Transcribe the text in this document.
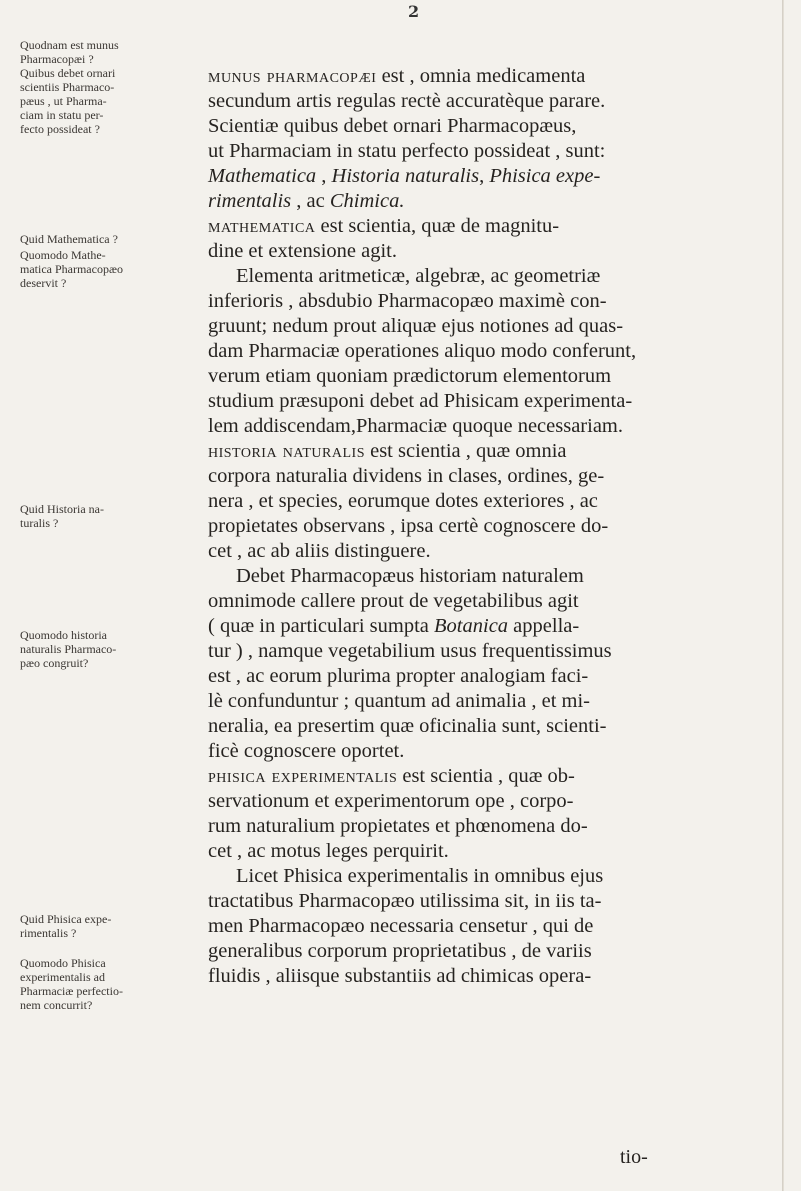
2
Quodnam est munus
Pharmacopæi ?
Quibus debet ornari
scientiis Pharmaco-
pæus , ut Pharma-
ciam in statu per-
fecto possideat ?
Quid Mathematica ?
Quomodo Mathe-
matica Pharmacopæo
deservit ?
Quid Historia na-
turalis ?
Quomodo historia
naturalis Pharmaco-
pæo congruit?
Quid Phisica expe-
rimentalis ?
Quomodo Phisica
experimentalis ad
Pharmaciæ perfectio-
nem concurrit?
munus pharmacopæi est , omnia medicamenta
secundum artis regulas rectè accuratèque parare.
Scientiæ quibus debet ornari Pharmacopæus,
ut Pharmaciam in statu perfecto possideat , sunt:
Mathematica , Historia naturalis, Phisica expe-
rimentalis , ac Chimica.
mathematica est scientia, quæ de magnitu-
dine et extensione agit.
Elementa aritmeticæ, algebræ, ac geometriæ
inferioris , absdubio Pharmacopæo maximè con-
gruunt; nedum prout aliquæ ejus notiones ad quas-
dam Pharmaciæ operationes aliquo modo conferunt,
verum etiam quoniam prædictorum elementorum
studium præsuponi debet ad Phisicam experimenta-
lem addiscendam,Pharmaciæ quoque necessariam.
historia naturalis est scientia , quæ omnia
corpora naturalia dividens in clases, ordines, ge-
nera , et species, eorumque dotes exteriores , ac
propietates observans , ipsa certè cognoscere do-
cet , ac ab aliis distinguere.
Debet Pharmacopæus historiam naturalem
omnimode callere prout de vegetabilibus agit
( quæ in particulari sumpta Botanica appella-
tur ) , namque vegetabilium usus frequentissimus
est , ac eorum plurima propter analogiam faci-
lè confunduntur ; quantum ad animalia , et mi-
neralia, ea presertim quæ oficinalia sunt, scienti-
ficè cognoscere oportet.
phisica experimentalis est scientia , quæ ob-
servationum et experimentorum ope , corpo-
rum naturalium propietates et phœnomena do-
cet , ac motus leges perquirit.
Licet Phisica experimentalis in omnibus ejus
tractatibus Pharmacopæo utilissima sit, in iis ta-
men Pharmacopæo necessaria censetur , qui de
generalibus corporum proprietatibus , de variis
fluidis , aliisque substantiis ad chimicas opera-
tio-
